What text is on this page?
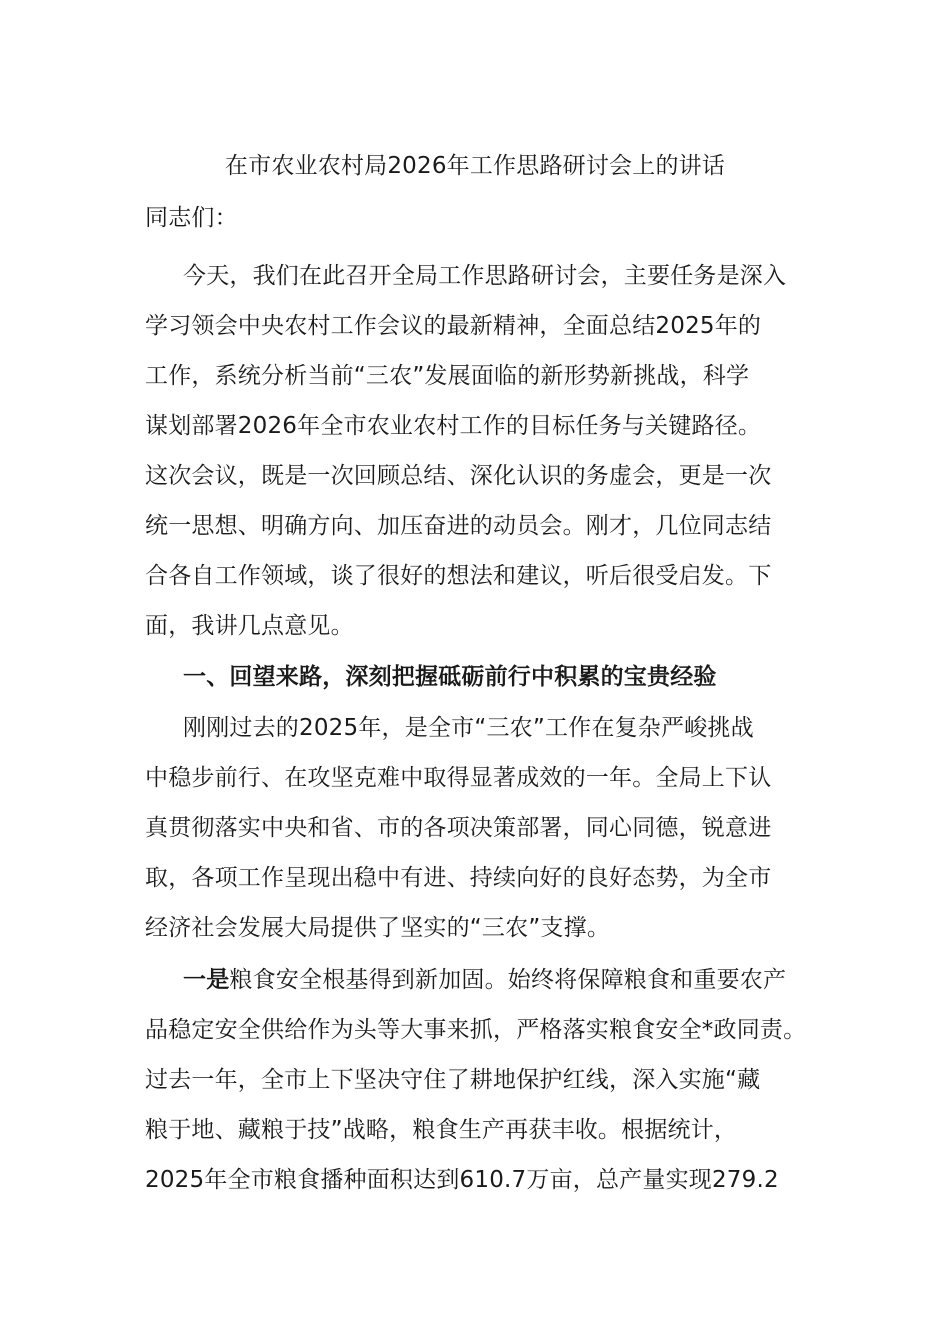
在市农业农村局2026年工作思路研讨会上的讲话
同志们：
今天，我们在此召开全局工作思路研讨会，主要任务是深入
学习领会中央农村工作会议的最新精神，全面总结2025年的
工作，系统分析当前“三农”发展面临的新形势新挑战，科学
谋划部署2026年全市农业农村工作的目标任务与关键路径。
这次会议，既是一次回顾总结、深化认识的务虚会，更是一次
统一思想、明确方向、加压奋进的动员会。刚才，几位同志结
合各自工作领域，谈了很好的想法和建议，听后很受启发。下
面，我讲几点意见。
一、回望来路，深刻把握砥砺前行中积累的宝贵经验
刚刚过去的2025年，是全市“三农”工作在复杂严峻挑战
中稳步前行、在攻坚克难中取得显著成效的一年。全局上下认
真贯彻落实中央和省、市的各项决策部署，同心同德，锐意进
取，各项工作呈现出稳中有进、持续向好的良好态势，为全市
经济社会发展大局提供了坚实的“三农”支撑。
一是粮食安全根基得到新加固。始终将保障粮食和重要农产
品稳定安全供给作为头等大事来抓，严格落实粮食安全*政同责。
过去一年，全市上下坚决守住了耕地保护红线，深入实施“藏
粮于地、藏粮于技”战略，粮食生产再获丰收。根据统计，
2025年全市粮食播种面积达到610.7万亩，总产量实现279.2
